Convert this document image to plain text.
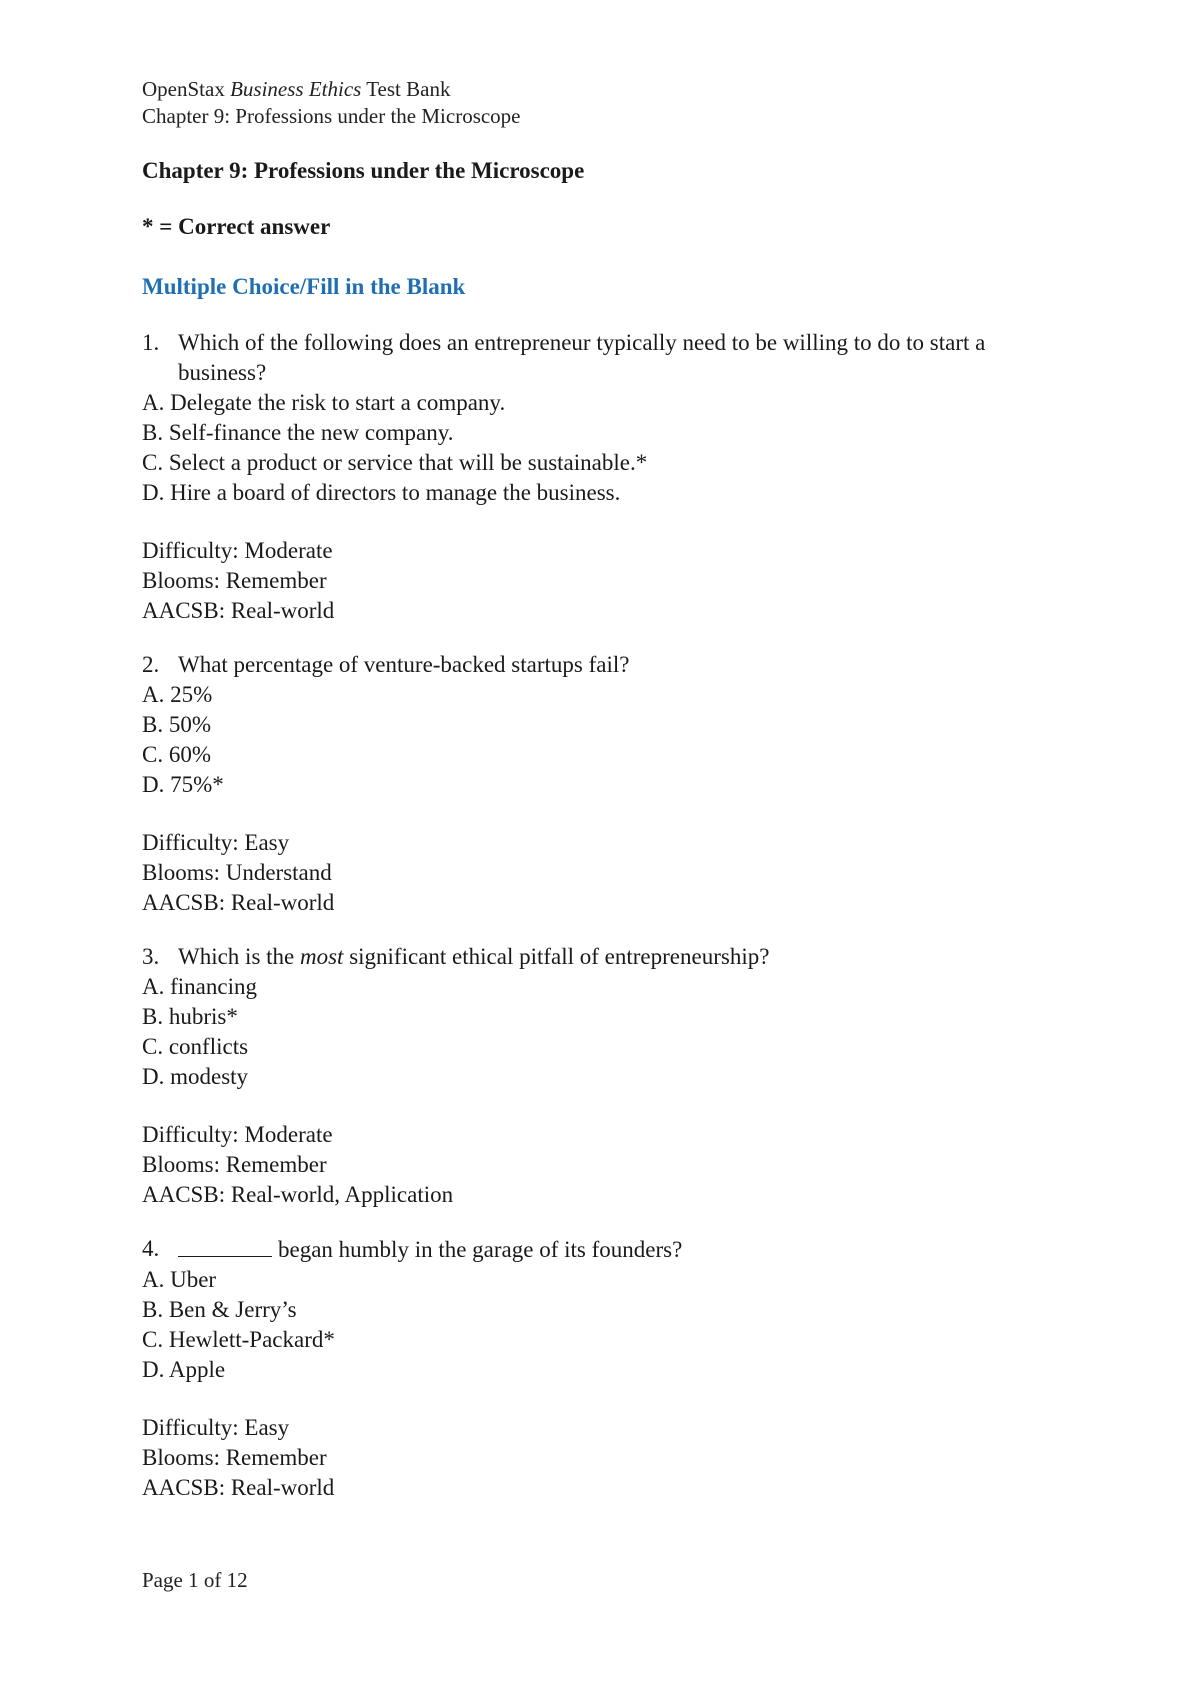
OpenStax Business Ethics Test Bank
Chapter 9: Professions under the Microscope
Chapter 9: Professions under the Microscope
* = Correct answer
Multiple Choice/Fill in the Blank
1. Which of the following does an entrepreneur typically need to be willing to do to start a business?
A. Delegate the risk to start a company.
B. Self-finance the new company.
C. Select a product or service that will be sustainable.*
D. Hire a board of directors to manage the business.
Difficulty: Moderate
Blooms: Remember
AACSB: Real-world
2. What percentage of venture-backed startups fail?
A. 25%
B. 50%
C. 60%
D. 75%*
Difficulty: Easy
Blooms: Understand
AACSB: Real-world
3. Which is the most significant ethical pitfall of entrepreneurship?
A. financing
B. hubris*
C. conflicts
D. modesty
Difficulty: Moderate
Blooms: Remember
AACSB: Real-world, Application
4.	began humbly in the garage of its founders?
A. Uber
B. Ben & Jerry’s
C. Hewlett-Packard*
D. Apple
Difficulty: Easy
Blooms: Remember
AACSB: Real-world
Page 1 of 12
